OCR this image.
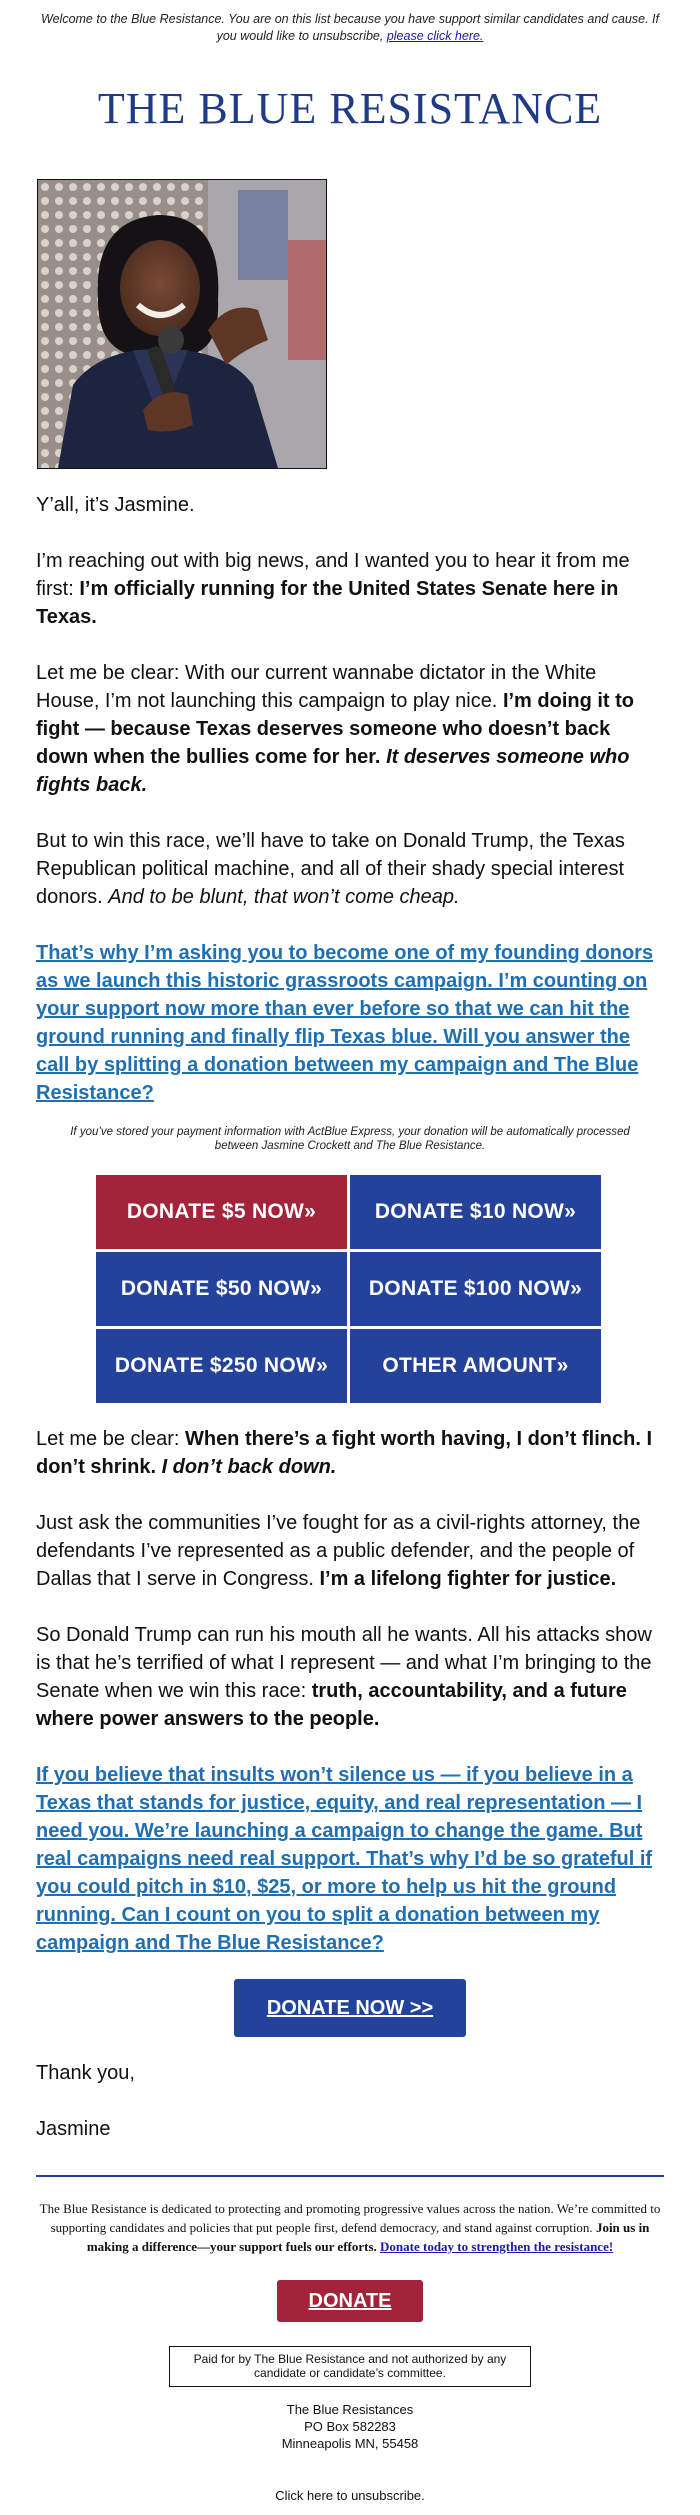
Welcome to the Blue Resistance. You are on this list because you have support similar candidates and cause. If you would like to unsubscribe, please click here.
THE BLUE RESISTANCE

Y’all, it’s Jasmine.

I’m reaching out with big news, and I wanted you to hear it from me first: I’m officially running for the United States Senate here in Texas.

Let me be clear: With our current wannabe dictator in the White House, I’m not launching this campaign to play nice. I’m doing it to fight — because Texas deserves someone who doesn’t back down when the bullies come for her. It deserves someone who fights back.

But to win this race, we’ll have to take on Donald Trump, the Texas Republican political machine, and all of their shady special interest donors. And to be blunt, that won’t come cheap.

That’s why I’m asking you to become one of my founding donors as we launch this historic grassroots campaign. I’m counting on your support now more than ever before so that we can hit the ground running and finally flip Texas blue. Will you answer the call by splitting a donation between my campaign and The Blue Resistance?

If you’ve stored your payment information with ActBlue Express, your donation will be automatically processed between Jasmine Crockett and The Blue Resistance.
DONATE $5 NOW»	DONATE $10 NOW»
DONATE $50 NOW»	DONATE $100 NOW»
DONATE $250 NOW»	OTHER AMOUNT»

Let me be clear: When there’s a fight worth having, I don’t flinch. I don’t shrink. I don’t back down.

Just ask the communities I’ve fought for as a civil-rights attorney, the defendants I’ve represented as a public defender, and the people of Dallas that I serve in Congress. I’m a lifelong fighter for justice.

So Donald Trump can run his mouth all he wants. All his attacks show is that he’s terrified of what I represent — and what I’m bringing to the Senate when we win this race: truth, accountability, and a future where power answers to the people.

If you believe that insults won’t silence us — if you believe in a Texas that stands for justice, equity, and real representation — I need you. We’re launching a campaign to change the game. But real campaigns need real support. That’s why I’d be so grateful if you could pitch in $10, $25, or more to help us hit the ground running. Can I count on you to split a donation between my campaign and The Blue Resistance?

DONATE NOW >>

Thank you,

Jasmine

The Blue Resistance is dedicated to protecting and promoting progressive values across the nation. We’re committed to supporting candidates and policies that put people first, defend democracy, and stand against corruption. Join us in making a difference—your support fuels our efforts. Donate today to strengthen the resistance!
DONATE
Paid for by The Blue Resistance and not authorized by any candidate or candidate’s committee.
The Blue Resistances
PO Box 582283
Minneapolis MN, 55458
Click here to unsubscribe.
